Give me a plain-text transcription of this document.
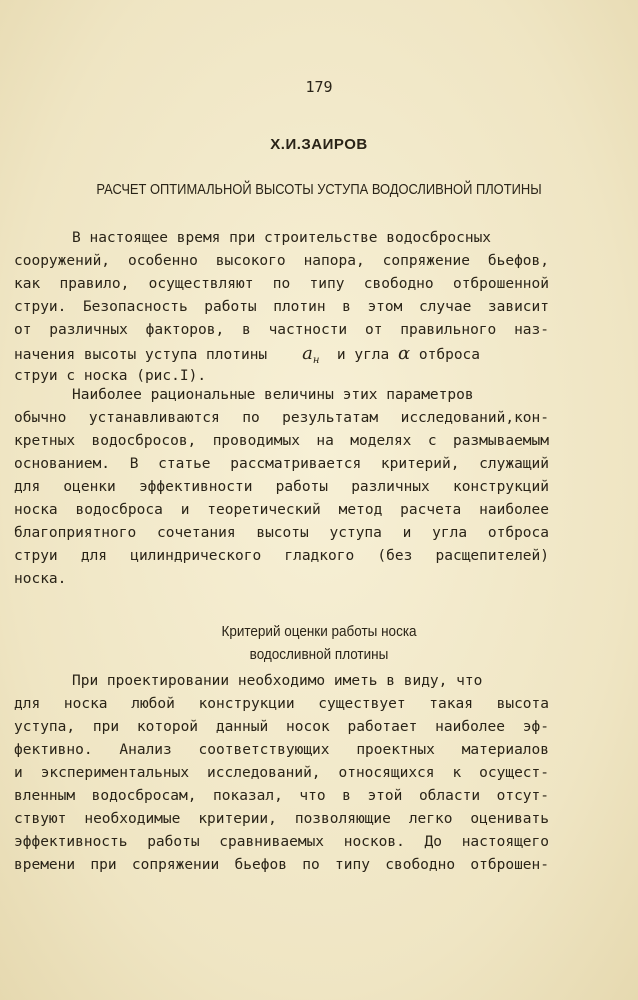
179
Х.И.ЗАИРОВ
РАСЧЕТ ОПТИМАЛЬНОЙ ВЫСОТЫ УСТУПА ВОДОСЛИВНОЙ ПЛОТИНЫ
В настоящее время при строительстве водосбросных
сооружений, особенно высокого напора, сопряжение бьефов,
как правило, осуществляют по типу свободно отброшенной
струи. Безопасность работы плотин в этом случае зависит
от различных факторов, в частности от правильного наз-
начения высоты уступа плотины $a_н$ и угла α отброса
струи с носка (рис.I).
Наиболее рациональные величины этих параметров
обычно устанавливаются по результатам исследований,кон-
кретных водосбросов, проводимых на моделях с размываемым
основанием. В статье рассматривается критерий, служащий
для оценки эффективности работы различных конструкций
носка водосброса и теоретический метод расчета наиболее
благоприятного сочетания высоты уступа и угла отброса
струи для цилиндрического гладкого (без расщепителей)
носка.
Критерий оценки работы носка
водосливной плотины
При проектировании необходимо иметь в виду, что
для носка любой конструкции существует такая высота
уступа, при которой данный носок работает наиболее эф-
фективно. Анализ соответствующих проектных материалов
и экспериментальных исследований, относящихся к осущест-
вленным водосбросам, показал, что в этой области отсут-
ствуют необходимые критерии, позволяющие легко оценивать
эффективность работы сравниваемых носков. До настоящего
времени при сопряжении бьефов по типу свободно отброшен-
